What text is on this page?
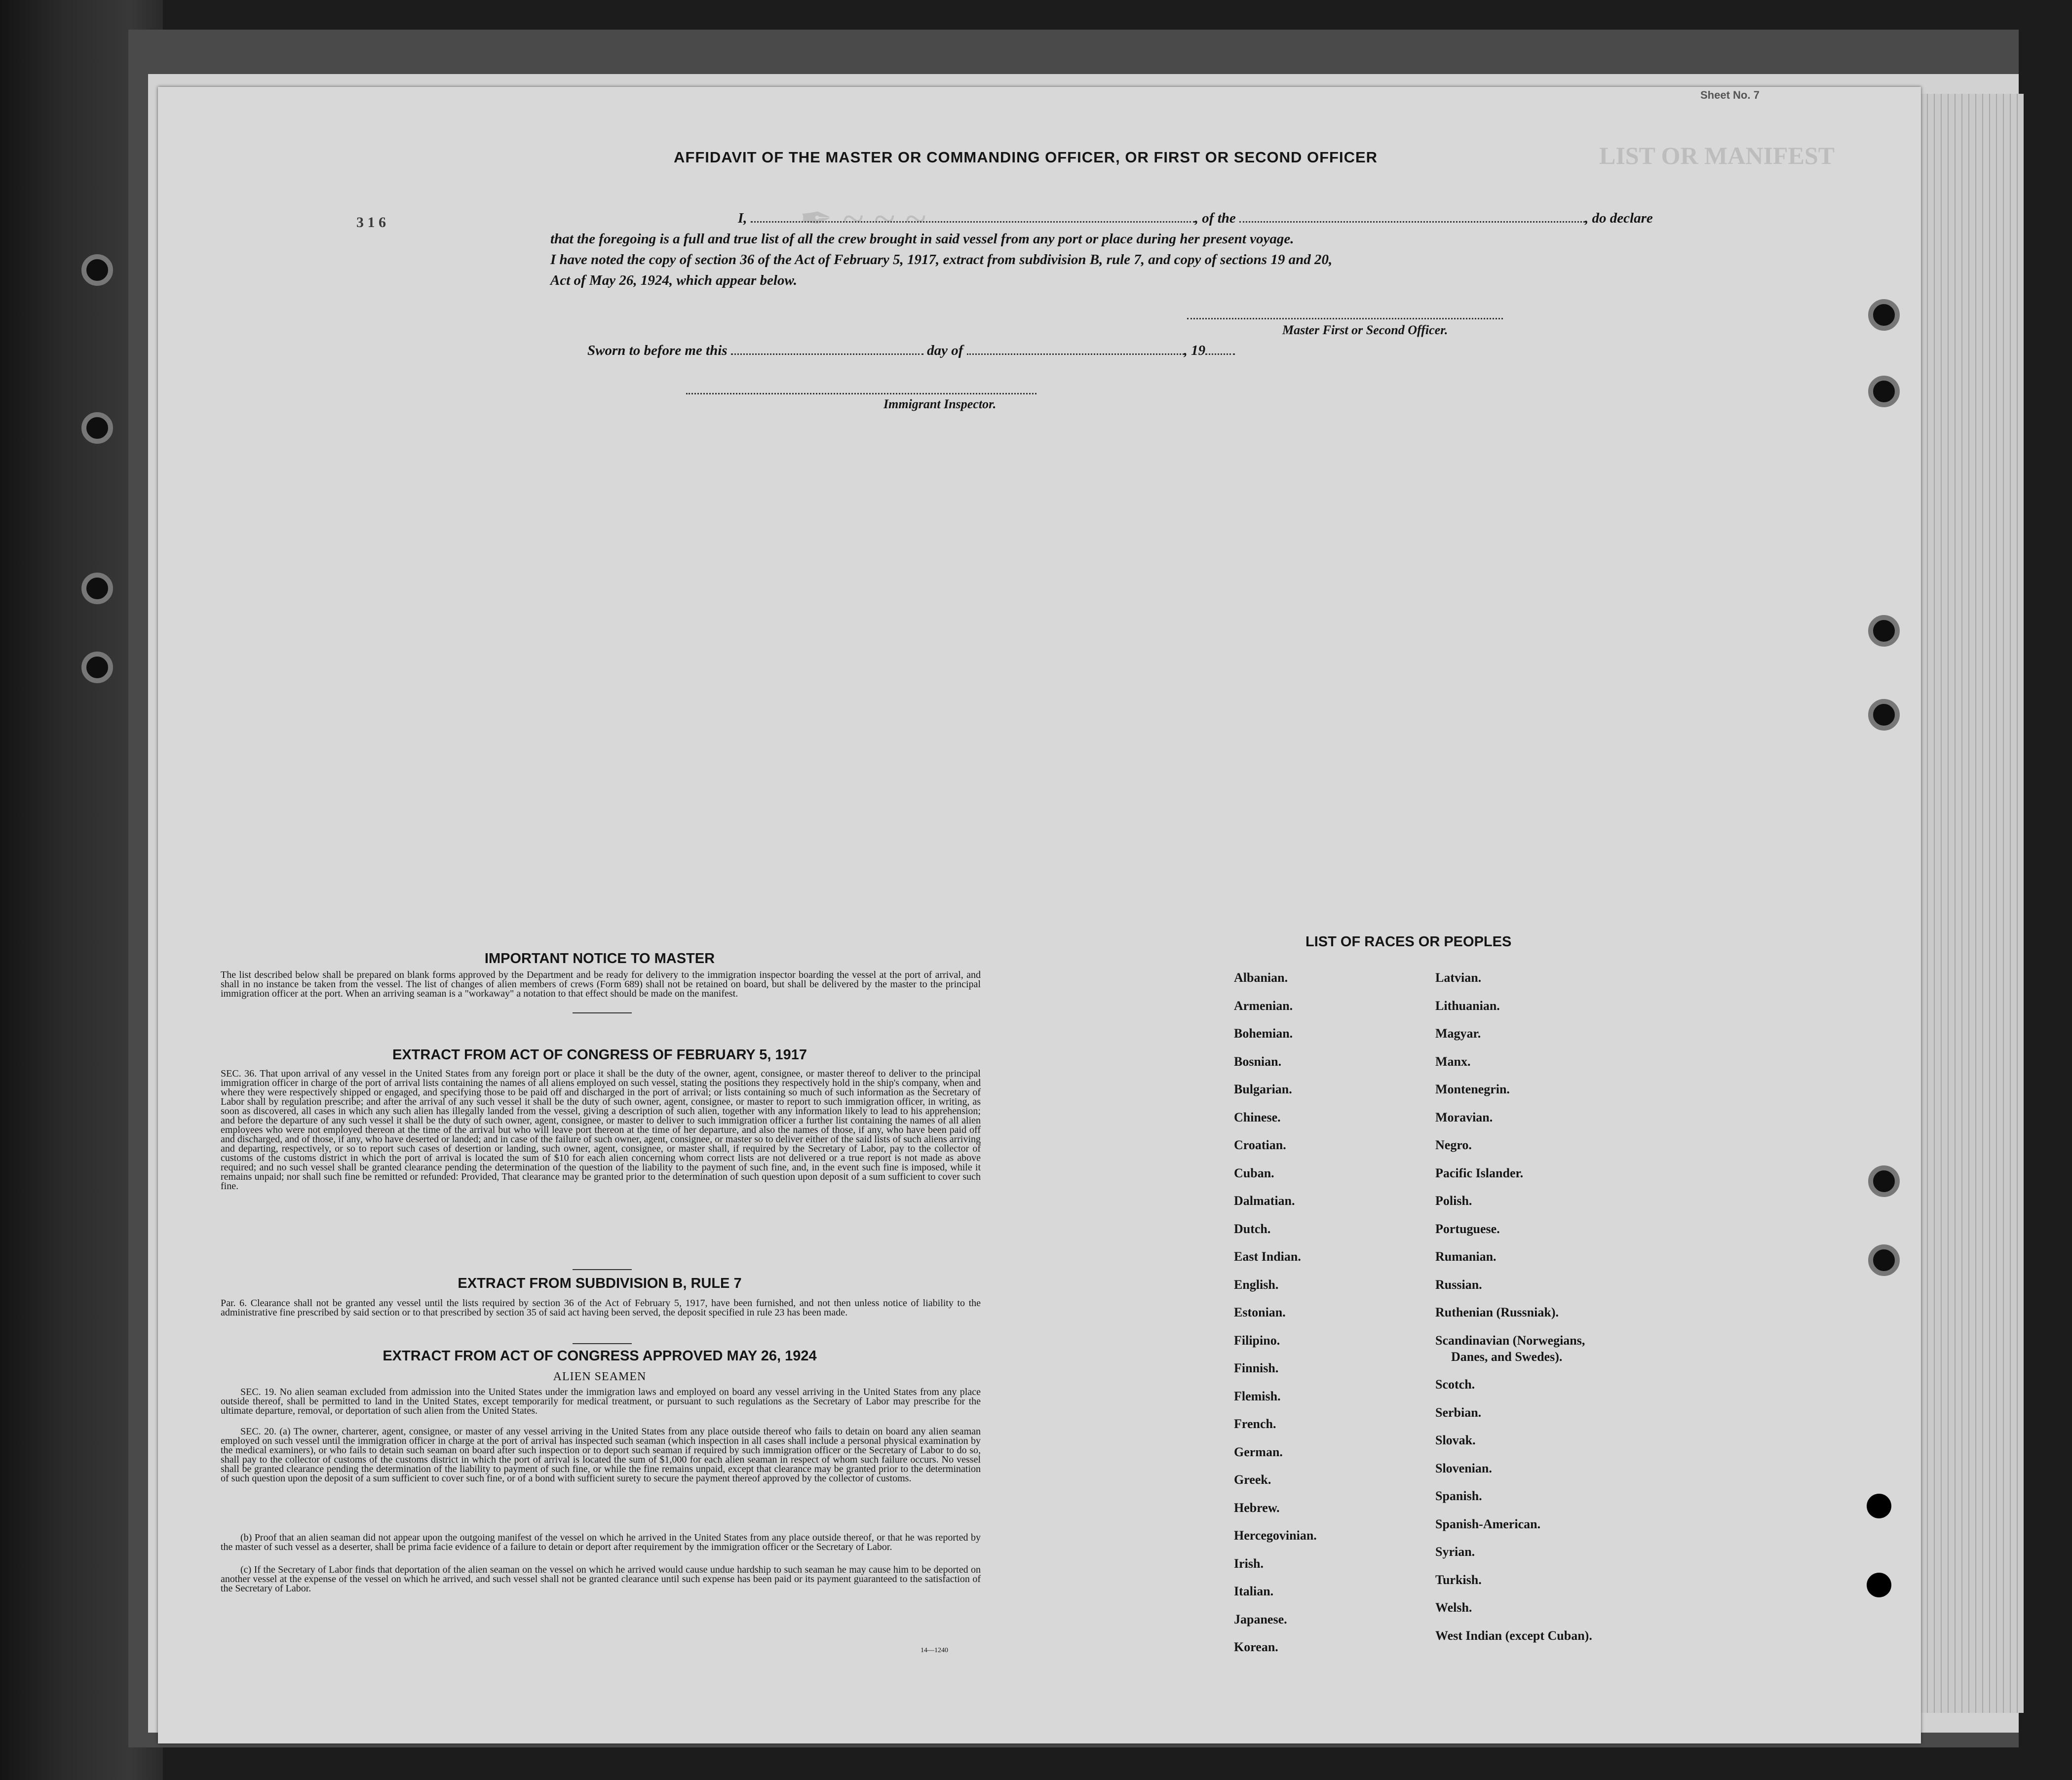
LIST OR MANIFEST
✒ ~ ~ ~
Sheet No. 7
3 1 6
AFFIDAVIT OF THE MASTER OR COMMANDING OFFICER, OR FIRST OR SECOND OFFICER
I,	, of the	, do declare
that the foregoing is a full and true list of all the crew brought in said vessel from any port or place during her present voyage.
I have noted the copy of section 36 of the Act of February 5, 1917, extract from subdivision B, rule 7, and copy of sections 19 and 20,
Act of May 26, 1924, which appear below.
Master First or Second Officer.
Sworn to before me this	day of	, 19
Immigrant Inspector.
IMPORTANT NOTICE TO MASTER
The list described below shall be prepared on blank forms approved by the Department and be ready for delivery to the immigration inspector boarding the vessel at the port of arrival, and shall in no instance be taken from the vessel. The list of changes of alien members of crews (Form 689) shall not be retained on board, but shall be delivered by the master to the principal immigration officer at the port. When an arriving seaman is a "workaway" a notation to that effect should be made on the manifest.
EXTRACT FROM ACT OF CONGRESS OF FEBRUARY 5, 1917
SEC. 36. That upon arrival of any vessel in the United States from any foreign port or place it shall be the duty of the owner, agent, consignee, or master thereof to deliver to the principal immigration officer in charge of the port of arrival lists containing the names of all aliens employed on such vessel, stating the positions they respectively hold in the ship's company, when and where they were respectively shipped or engaged, and specifying those to be paid off and discharged in the port of arrival; or lists containing so much of such information as the Secretary of Labor shall by regulation prescribe; and after the arrival of any such vessel it shall be the duty of such owner, agent, consignee, or master to report to such immigration officer, in writing, as soon as discovered, all cases in which any such alien has illegally landed from the vessel, giving a description of such alien, together with any information likely to lead to his apprehension; and before the departure of any such vessel it shall be the duty of such owner, agent, consignee, or master to deliver to such immigration officer a further list containing the names of all alien employees who were not employed thereon at the time of the arrival but who will leave port thereon at the time of her departure, and also the names of those, if any, who have been paid off and discharged, and of those, if any, who have deserted or landed; and in case of the failure of such owner, agent, consignee, or master so to deliver either of the said lists of such aliens arriving and departing, respectively, or so to report such cases of desertion or landing, such owner, agent, consignee, or master shall, if required by the Secretary of Labor, pay to the collector of customs of the customs district in which the port of arrival is located the sum of $10 for each alien concerning whom correct lists are not delivered or a true report is not made as above required; and no such vessel shall be granted clearance pending the determination of the question of the liability to the payment of such fine, and, in the event such fine is imposed, while it remains unpaid; nor shall such fine be remitted or refunded: Provided, That clearance may be granted prior to the determination of such question upon deposit of a sum sufficient to cover such fine.
EXTRACT FROM SUBDIVISION B, RULE 7
Par. 6. Clearance shall not be granted any vessel until the lists required by section 36 of the Act of February 5, 1917, have been furnished, and not then unless notice of liability to the administrative fine prescribed by said section or to that prescribed by section 35 of said act having been served, the deposit specified in rule 23 has been made.
EXTRACT FROM ACT OF CONGRESS APPROVED MAY 26, 1924
ALIEN SEAMEN
SEC. 19. No alien seaman excluded from admission into the United States under the immigration laws and employed on board any vessel arriving in the United States from any place outside thereof, shall be permitted to land in the United States, except temporarily for medical treatment, or pursuant to such regulations as the Secretary of Labor may prescribe for the ultimate departure, removal, or deportation of such alien from the United States.
SEC. 20. (a) The owner, charterer, agent, consignee, or master of any vessel arriving in the United States from any place outside thereof who fails to detain on board any alien seaman employed on such vessel until the immigration officer in charge at the port of arrival has inspected such seaman (which inspection in all cases shall include a personal physical examination by the medical examiners), or who fails to detain such seaman on board after such inspection or to deport such seaman if required by such immigration officer or the Secretary of Labor to do so, shall pay to the collector of customs of the customs district in which the port of arrival is located the sum of $1,000 for each alien seaman in respect of whom such failure occurs. No vessel shall be granted clearance pending the determination of the liability to payment of such fine, or while the fine remains unpaid, except that clearance may be granted prior to the determination of such question upon the deposit of a sum sufficient to cover such fine, or of a bond with sufficient surety to secure the payment thereof approved by the collector of customs.
(b) Proof that an alien seaman did not appear upon the outgoing manifest of the vessel on which he arrived in the United States from any place outside thereof, or that he was reported by the master of such vessel as a deserter, shall be prima facie evidence of a failure to detain or deport after requirement by the immigration officer or the Secretary of Labor.
(c) If the Secretary of Labor finds that deportation of the alien seaman on the vessel on which he arrived would cause undue hardship to such seaman he may cause him to be deported on another vessel at the expense of the vessel on which he arrived, and such vessel shall not be granted clearance until such expense has been paid or its payment guaranteed to the satisfaction of the Secretary of Labor.
14—1240
LIST OF RACES OR PEOPLES
Albanian.
Armenian.
Bohemian.
Bosnian.
Bulgarian.
Chinese.
Croatian.
Cuban.
Dalmatian.
Dutch.
East Indian.
English.
Estonian.
Filipino.
Finnish.
Flemish.
French.
German.
Greek.
Hebrew.
Hercegovinian.
Irish.
Italian.
Japanese.
Korean.
Latvian.
Lithuanian.
Magyar.
Manx.
Montenegrin.
Moravian.
Negro.
Pacific Islander.
Polish.
Portuguese.
Rumanian.
Russian.
Ruthenian (Russniak).
Scandinavian (Norwegians,
Danes, and Swedes).
Scotch.
Serbian.
Slovak.
Slovenian.
Spanish.
Spanish-American.
Syrian.
Turkish.
Welsh.
West Indian (except Cuban).
